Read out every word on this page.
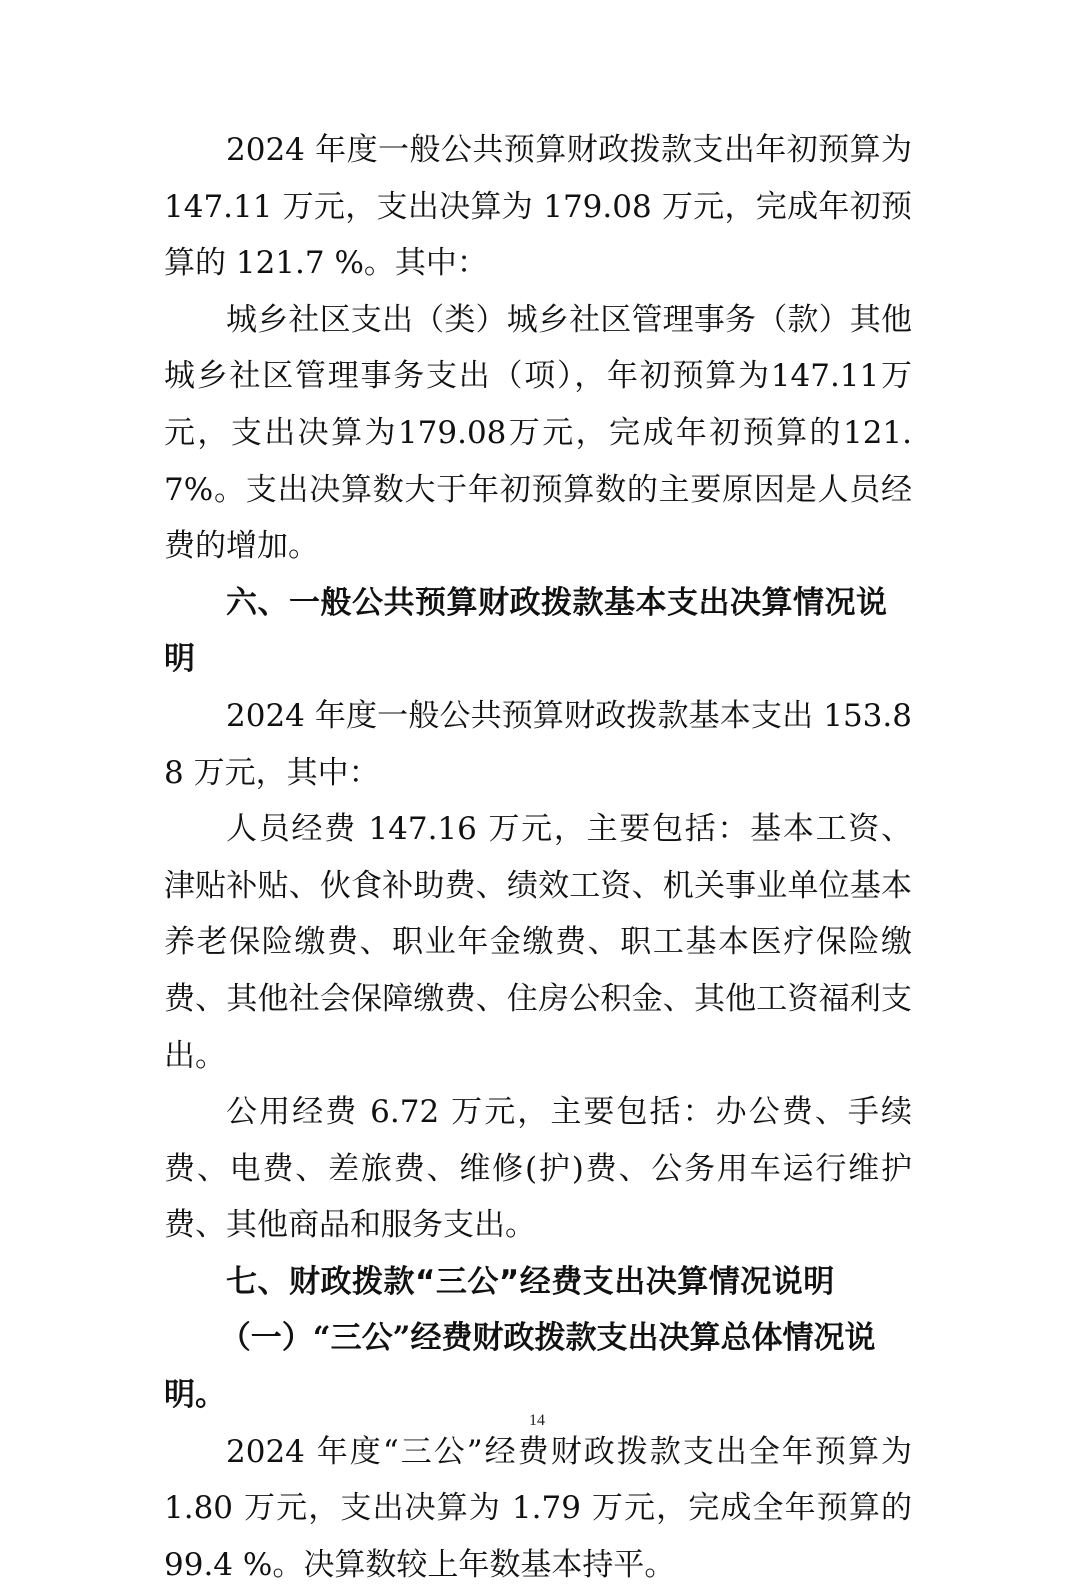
2024 年度一般公共预算财政拨款支出年初预算为 147.11 万元，支出决算为 179.08 万元，完成年初预算的 121.7 %。其中：

城乡社区支出（类）城乡社区管理事务（款）其他城乡社区管理事务支出（项），年初预算为147.11万元，支出决算为179.08万元，完成年初预算的121.7%。支出决算数大于年初预算数的主要原因是人员经费的增加。

六、一般公共预算财政拨款基本支出决算情况说明

2024 年度一般公共预算财政拨款基本支出 153.88 万元，其中：

人员经费 147.16 万元，主要包括：基本工资、津贴补贴、伙食补助费、绩效工资、机关事业单位基本养老保险缴费、职业年金缴费、职工基本医疗保险缴费、其他社会保障缴费、住房公积金、其他工资福利支出。

公用经费 6.72 万元，主要包括：办公费、手续费、电费、差旅费、维修(护)费、公务用车运行维护费、其他商品和服务支出。

七、财政拨款“三公”经费支出决算情况说明

（一）“三公”经费财政拨款支出决算总体情况说明。

2024 年度“三公”经费财政拨款支出全年预算为 1.80 万元，支出决算为 1.79 万元，完成全年预算的 99.4 %。决算数较上年数基本持平。

14
